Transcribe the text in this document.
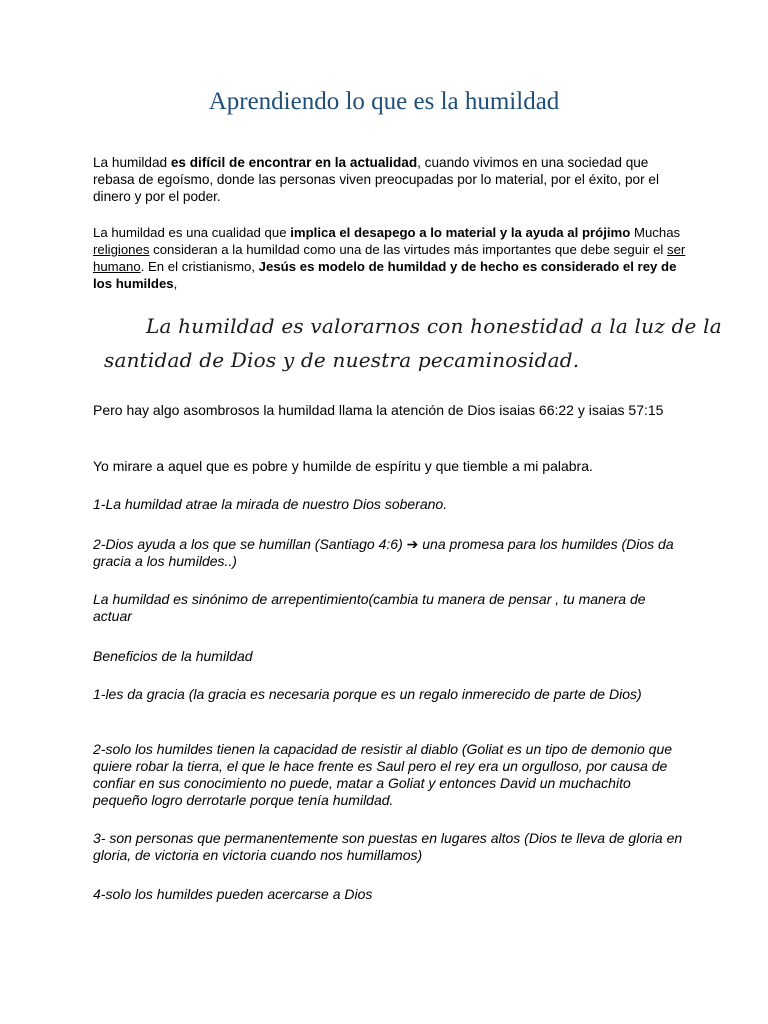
Aprendiendo lo que es la humildad

La humildad es difícil de encontrar en la actualidad, cuando vivimos en una sociedad que rebasa de egoísmo, donde las personas viven preocupadas por lo material, por el éxito, por el dinero y por el poder.

La humildad es una cualidad que implica el desapego a lo material y la ayuda al prójimo Muchas religiones consideran a la humildad como una de las virtudes más importantes que debe seguir el ser humano. En el cristianismo, Jesús es modelo de humildad y de hecho es considerado el rey de los humildes,

La humildad es valorarnos con honestidad a la luz de la
santidad de Dios y de nuestra pecaminosidad.

Pero hay algo asombrosos la humildad llama la atención de Dios isaias 66:22 y isaias 57:15

Yo mirare a aquel que es pobre y humilde de espíritu y que tiemble a mi palabra.

1-La humildad atrae la mirada de nuestro Dios soberano.

2-Dios ayuda a los que se humillan (Santiago 4:6) ➔ una promesa para los humildes (Dios da gracia a los humildes..)

La humildad es sinónimo de arrepentimiento(cambia tu manera de pensar , tu manera de actuar

Beneficios de la humildad

1-les da gracia (la gracia es necesaria porque es un regalo inmerecido de parte de Dios)

2-solo los humildes tienen la capacidad de resistir al diablo (Goliat es un tipo de demonio que quiere robar la tierra, el que le hace frente es Saul pero el rey era un orgulloso, por causa de confiar en sus conocimiento no puede, matar a Goliat y entonces David un muchachito pequeño logro derrotarle porque tenía humildad.

3- son personas que permanentemente son puestas en lugares altos (Dios te lleva de gloria en gloria, de victoria en victoria cuando nos humillamos)

4-solo los humildes pueden acercarse a Dios
